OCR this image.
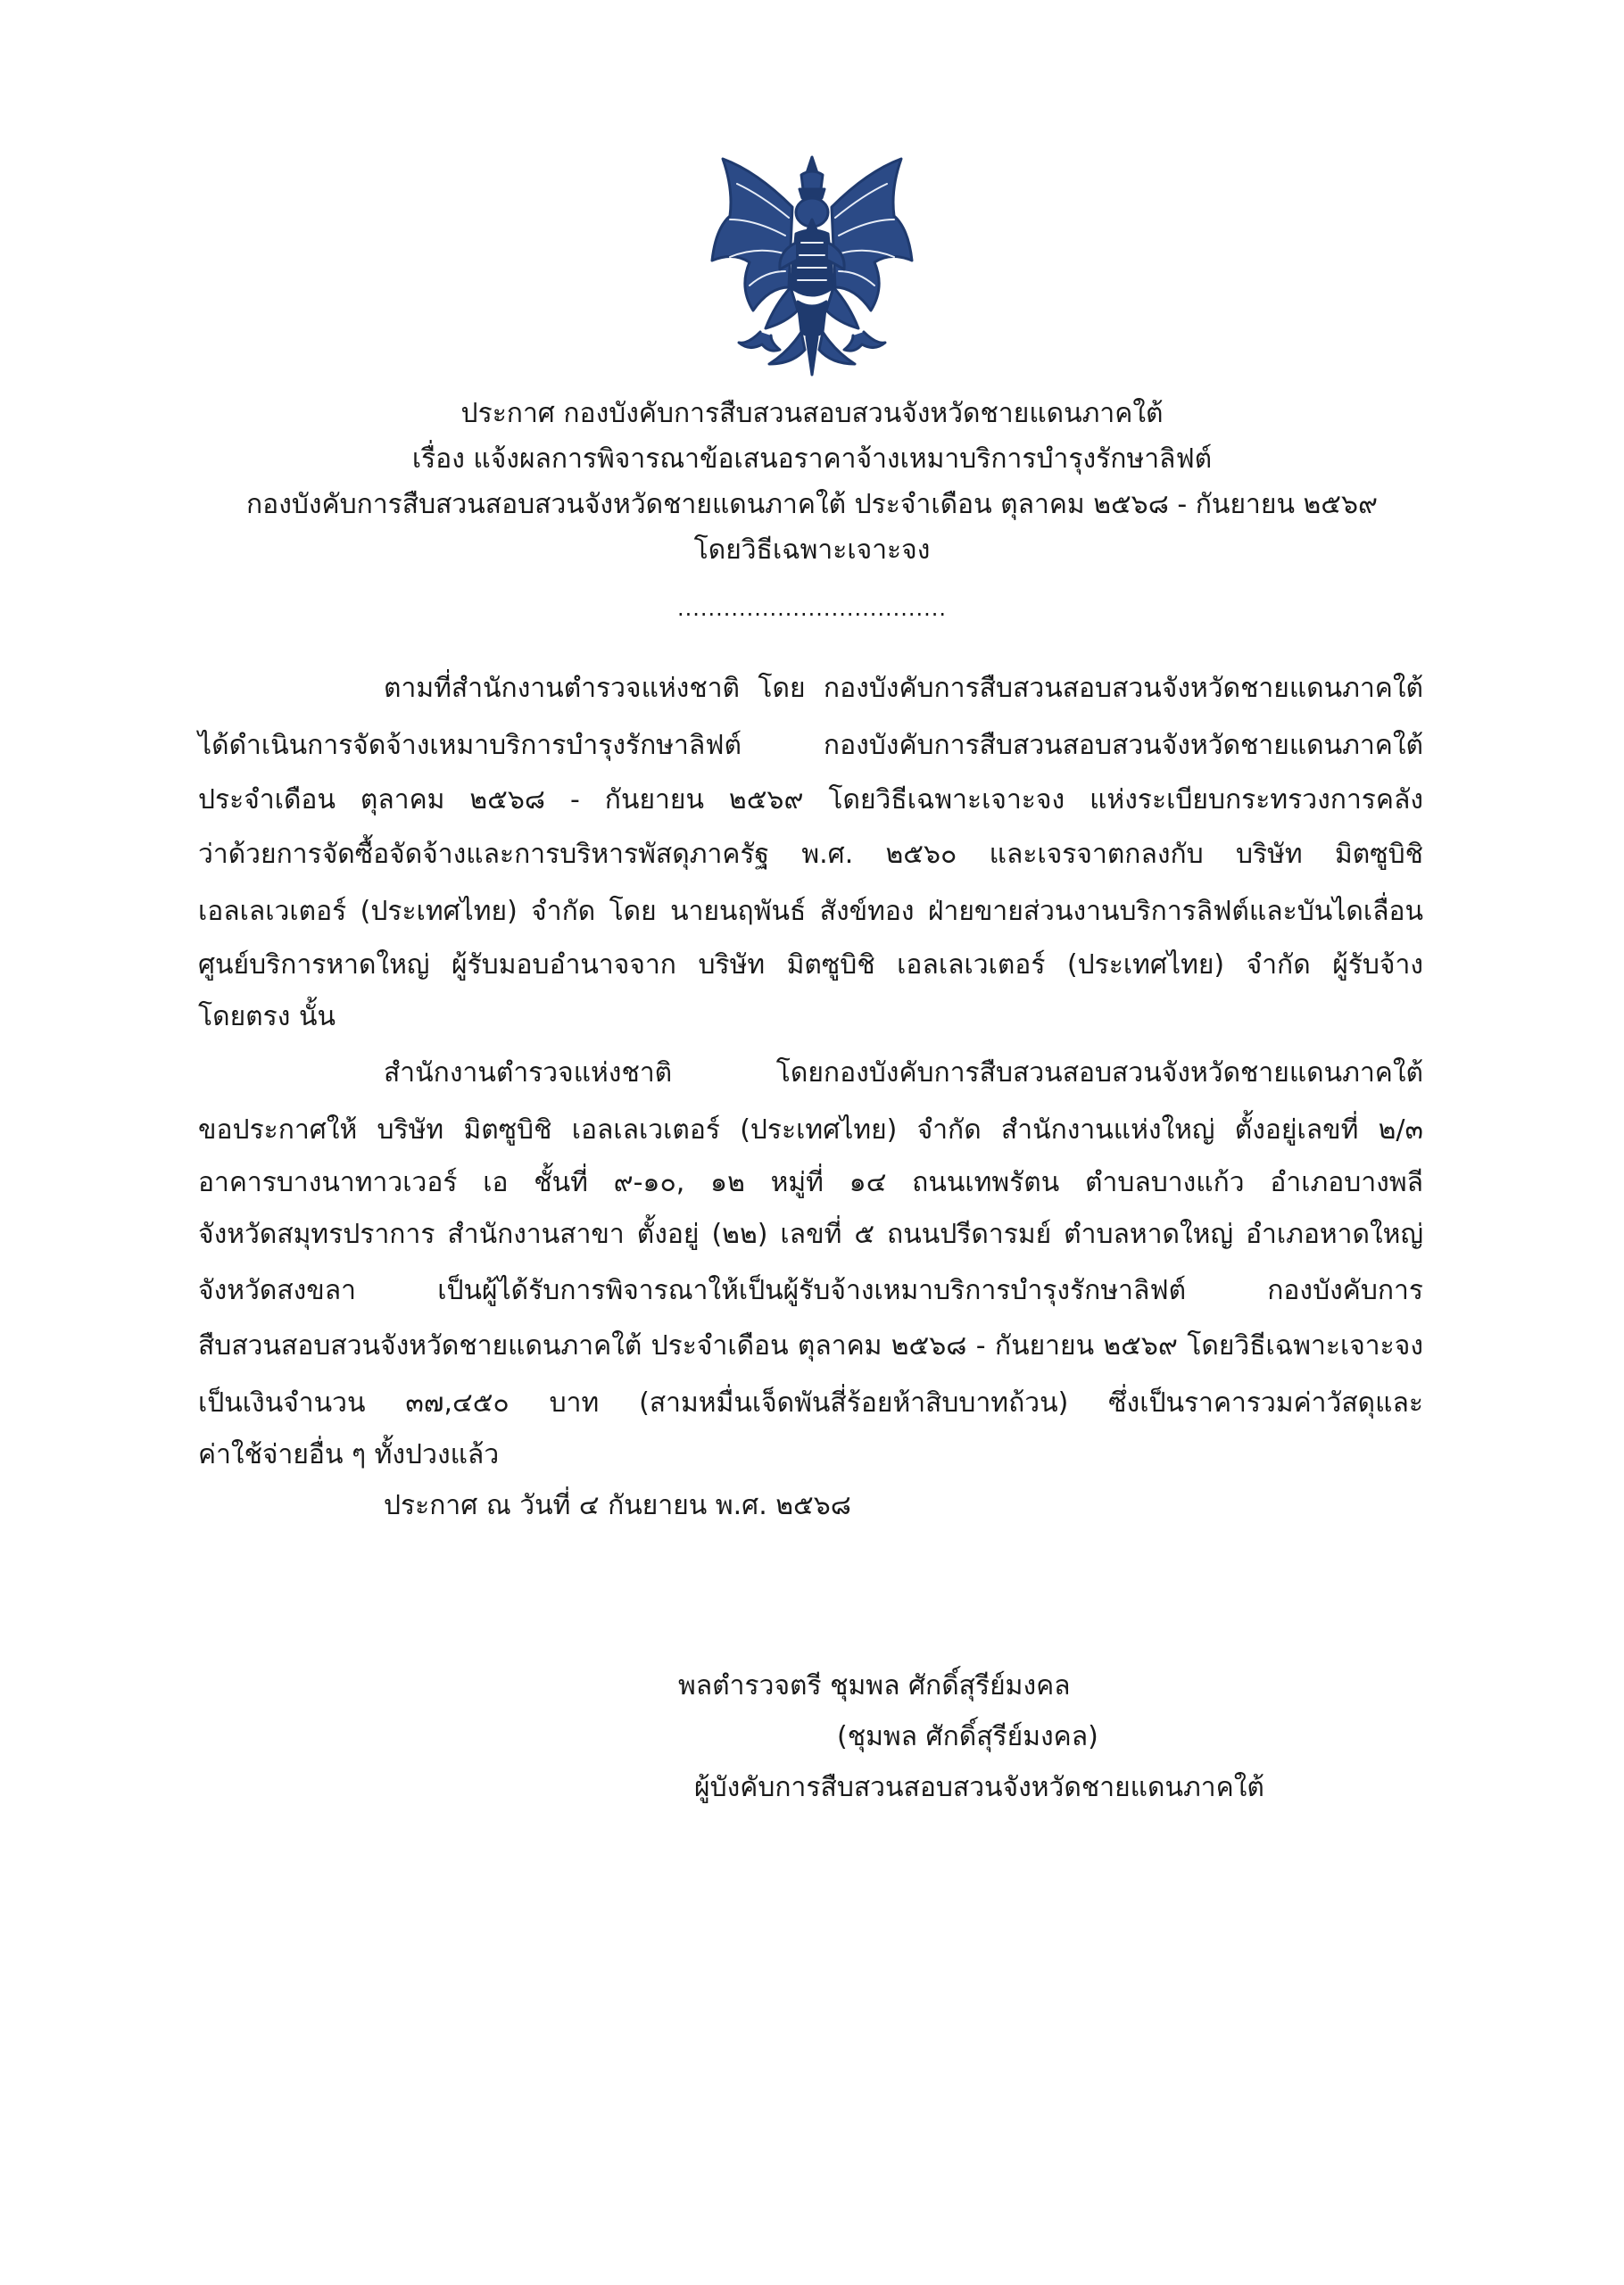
ประกาศ กองบังคับการสืบสวนสอบสวนจังหวัดชายแดนภาคใต้
เรื่อง แจ้งผลการพิจารณาข้อเสนอราคาจ้างเหมาบริการบำรุงรักษาลิฟต์
กองบังคับการสืบสวนสอบสวนจังหวัดชายแดนภาคใต้ ประจำเดือน ตุลาคม ๒๕๖๘ - กันยายน ๒๕๖๙
โดยวิธีเฉพาะเจาะจง
...................................
ตามที่สำนักงานตำรวจแห่งชาติ โดย กองบังคับการสืบสวนสอบสวนจังหวัดชายแดนภาคใต้
ได้ดำเนินการจัดจ้างเหมาบริการบำรุงรักษาลิฟต์ กองบังคับการสืบสวนสอบสวนจังหวัดชายแดนภาคใต้
ประจำเดือน ตุลาคม ๒๕๖๘ - กันยายน ๒๕๖๙ โดยวิธีเฉพาะเจาะจง แห่งระเบียบกระทรวงการคลัง
ว่าด้วยการจัดซื้อจัดจ้างและการบริหารพัสดุภาครัฐ พ.ศ. ๒๕๖๐ และเจรจาตกลงกับ บริษัท มิตซูบิชิ
เอลเลเวเตอร์ (ประเทศไทย) จำกัด โดย นายนฤพันธ์ สังข์ทอง ฝ่ายขายส่วนงานบริการลิฟต์และบันไดเลื่อน
ศูนย์บริการหาดใหญ่ ผู้รับมอบอำนาจจาก บริษัท มิตซูบิชิ เอลเลเวเตอร์ (ประเทศไทย) จำกัด ผู้รับจ้าง
โดยตรง นั้น
สำนักงานตำรวจแห่งชาติ โดยกองบังคับการสืบสวนสอบสวนจังหวัดชายแดนภาคใต้
ขอประกาศให้ บริษัท มิตซูบิชิ เอลเลเวเตอร์ (ประเทศไทย) จำกัด สำนักงานแห่งใหญ่ ตั้งอยู่เลขที่ ๒/๓
อาคารบางนาทาวเวอร์ เอ ชั้นที่ ๙-๑๐, ๑๒ หมู่ที่ ๑๔ ถนนเทพรัตน ตำบลบางแก้ว อำเภอบางพลี
จังหวัดสมุทรปราการ สำนักงานสาขา ตั้งอยู่ (๒๒) เลขที่ ๕ ถนนปรีดารมย์ ตำบลหาดใหญ่ อำเภอหาดใหญ่
จังหวัดสงขลา เป็นผู้ได้รับการพิจารณาให้เป็นผู้รับจ้างเหมาบริการบำรุงรักษาลิฟต์ กองบังคับการ
สืบสวนสอบสวนจังหวัดชายแดนภาคใต้ ประจำเดือน ตุลาคม ๒๕๖๘ - กันยายน ๒๕๖๙ โดยวิธีเฉพาะเจาะจง
เป็นเงินจำนวน ๓๗,๔๕๐ บาท (สามหมื่นเจ็ดพันสี่ร้อยห้าสิบบาทถ้วน) ซึ่งเป็นราคารวมค่าวัสดุและ
ค่าใช้จ่ายอื่น ๆ ทั้งปวงแล้ว
ประกาศ ณ วันที่ ๔ กันยายน พ.ศ. ๒๕๖๘
พลตำรวจตรี ชุมพล ศักดิ์สุรีย์มงคล
(ชุมพล ศักดิ์สุรีย์มงคล)
ผู้บังคับการสืบสวนสอบสวนจังหวัดชายแดนภาคใต้
